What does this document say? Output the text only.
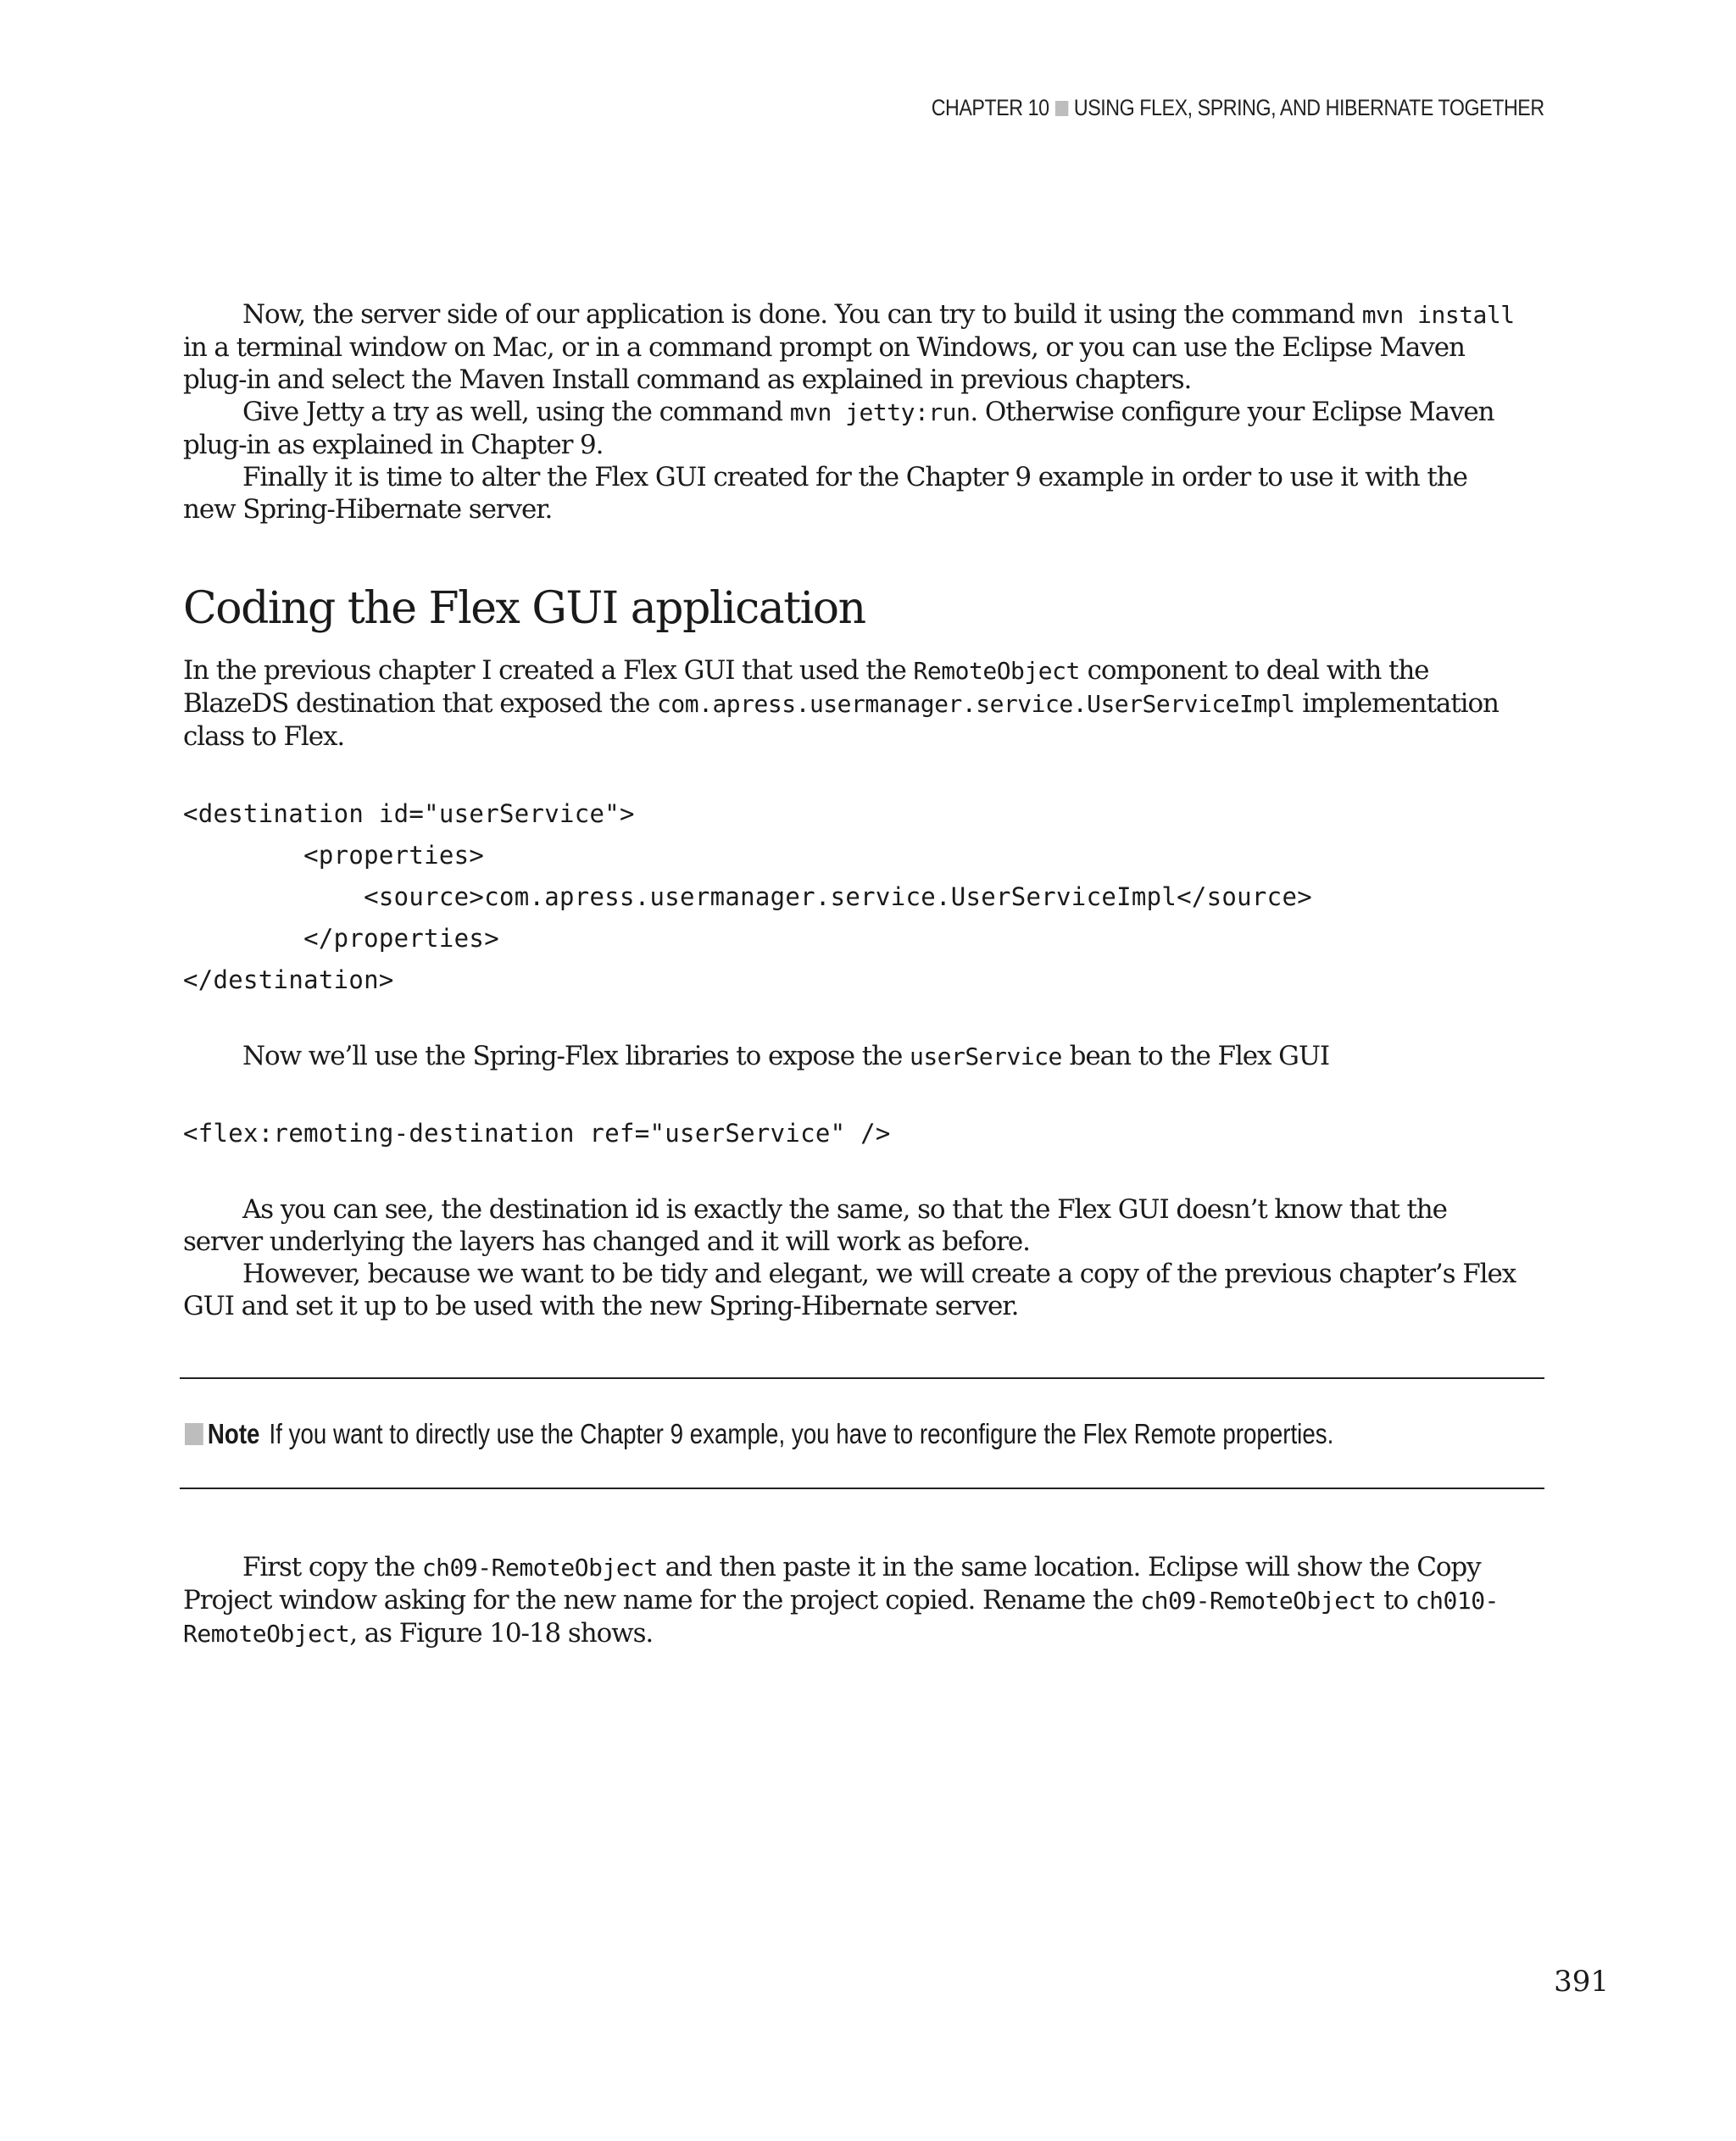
CHAPTER 10 USING FLEX, SPRING, AND HIBERNATE TOGETHER

Now, the server side of our application is done. You can try to build it using the command mvn install in a terminal window on Mac, or in a command prompt on Windows, or you can use the Eclipse Maven plug-in and select the Maven Install command as explained in previous chapters.

Give Jetty a try as well, using the command mvn jetty:run. Otherwise configure your Eclipse Maven plug-in as explained in Chapter 9.

Finally it is time to alter the Flex GUI created for the Chapter 9 example in order to use it with the new Spring-Hibernate server.

Coding the Flex GUI application

In the previous chapter I created a Flex GUI that used the RemoteObject component to deal with the BlazeDS destination that exposed the com.apress.usermanager.service.UserServiceImpl implementation class to Flex.

<destination id="userService">
<properties>
<source>com.apress.usermanager.service.UserServiceImpl</source>
</properties>
</destination>

Now we’ll use the Spring-Flex libraries to expose the userService bean to the Flex GUI

<flex:remoting-destination ref="userService" />

As you can see, the destination id is exactly the same, so that the Flex GUI doesn’t know that the server underlying the layers has changed and it will work as before.

However, because we want to be tidy and elegant, we will create a copy of the previous chapter’s Flex GUI and set it up to be used with the new Spring-Hibernate server.

Note If you want to directly use the Chapter 9 example, you have to reconfigure the Flex Remote properties.

First copy the ch09-RemoteObject and then paste it in the same location. Eclipse will show the Copy Project window asking for the new name for the project copied. Rename the ch09-RemoteObject to ch010-RemoteObject, as Figure 10-18 shows.

391
